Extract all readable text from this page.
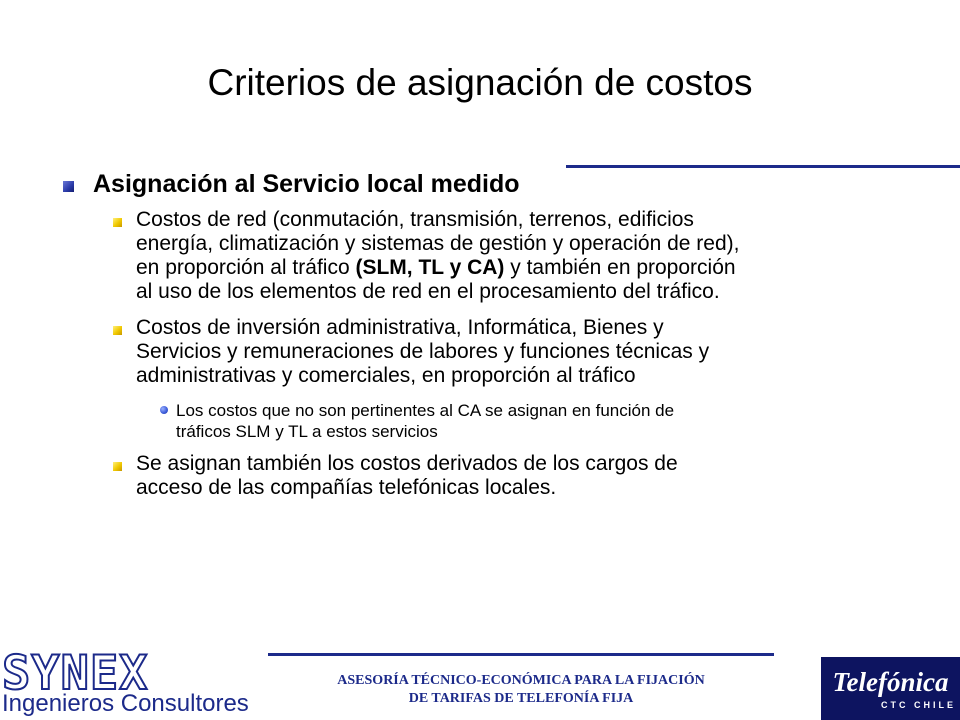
Criterios de asignación de costos
Asignación al Servicio local medido
Costos de red (conmutación, transmisión, terrenos, edificios
energía, climatización y sistemas de gestión y operación de red),
en proporción al tráfico (SLM, TL y CA) y también en proporción
al uso de los elementos de red en el procesamiento del tráfico.
Costos de inversión administrativa, Informática, Bienes y
Servicios y remuneraciones de labores y funciones técnicas y
administrativas y comerciales, en proporción al tráfico
Los costos que no son pertinentes al CA se asignan en función de
tráficos SLM y TL a estos servicios
Se asignan también los costos derivados de los cargos de
acceso de las compañías telefónicas locales.
SYNEX
Ingenieros Consultores
ASESORÍA TÉCNICO-ECONÓMICA PARA LA FIJACIÓN
DE TARIFAS DE TELEFONÍA FIJA
Telefónica
CTC CHILE
